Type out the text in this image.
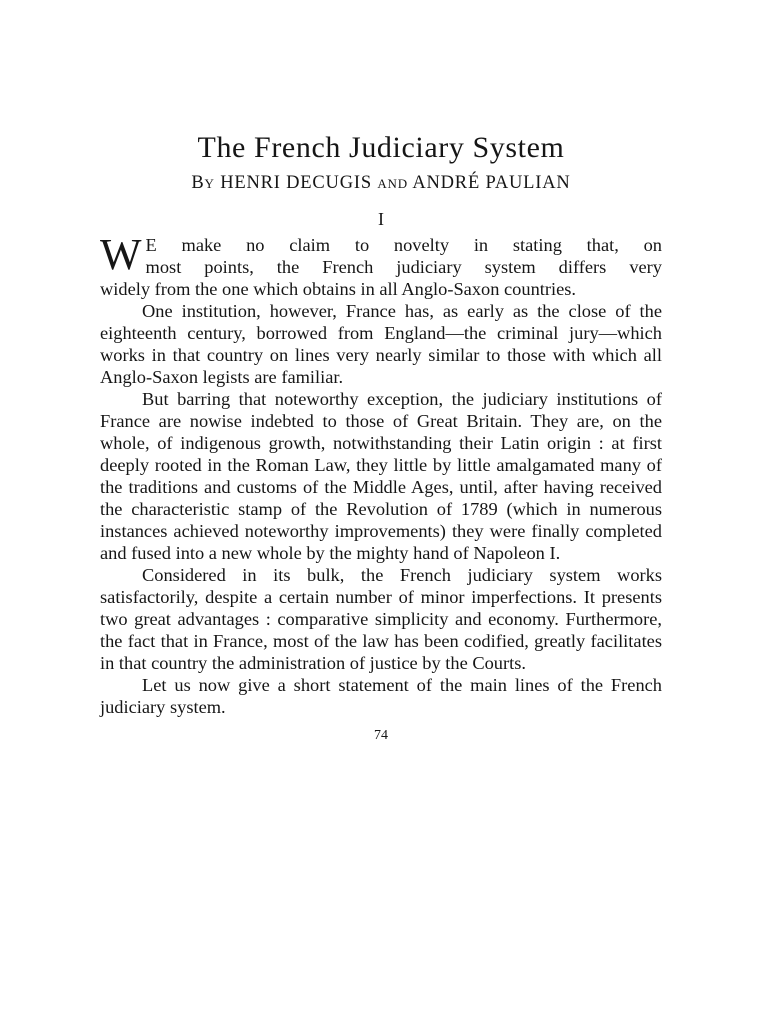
The French Judiciary System
By HENRI DECUGIS and ANDRÉ PAULIAN
I
W E make no claim to novelty in stating that, on
most points, the French judiciary system differs very
widely from the one which obtains in all Anglo-Saxon countries.

One institution, however, France has, as early as the close of the eighteenth century, borrowed from England—the criminal jury—which works in that country on lines very nearly similar to those with which all Anglo-Saxon legists are familiar.

But barring that noteworthy exception, the judiciary institutions of France are nowise indebted to those of Great Britain. They are, on the whole, of indigenous growth, notwithstanding their Latin origin : at first deeply rooted in the Roman Law, they little by little amalgamated many of the traditions and customs of the Middle Ages, until, after having received the characteristic stamp of the Revolution of 1789 (which in numerous instances achieved noteworthy improvements) they were finally completed and fused into a new whole by the mighty hand of Napoleon I.

Considered in its bulk, the French judiciary system works satisfactorily, despite a certain number of minor imperfections. It presents two great advantages : comparative simplicity and economy. Furthermore, the fact that in France, most of the law has been codified, greatly facilitates in that country the administration of justice by the Courts.

Let us now give a short statement of the main lines of the French judiciary system.

74
